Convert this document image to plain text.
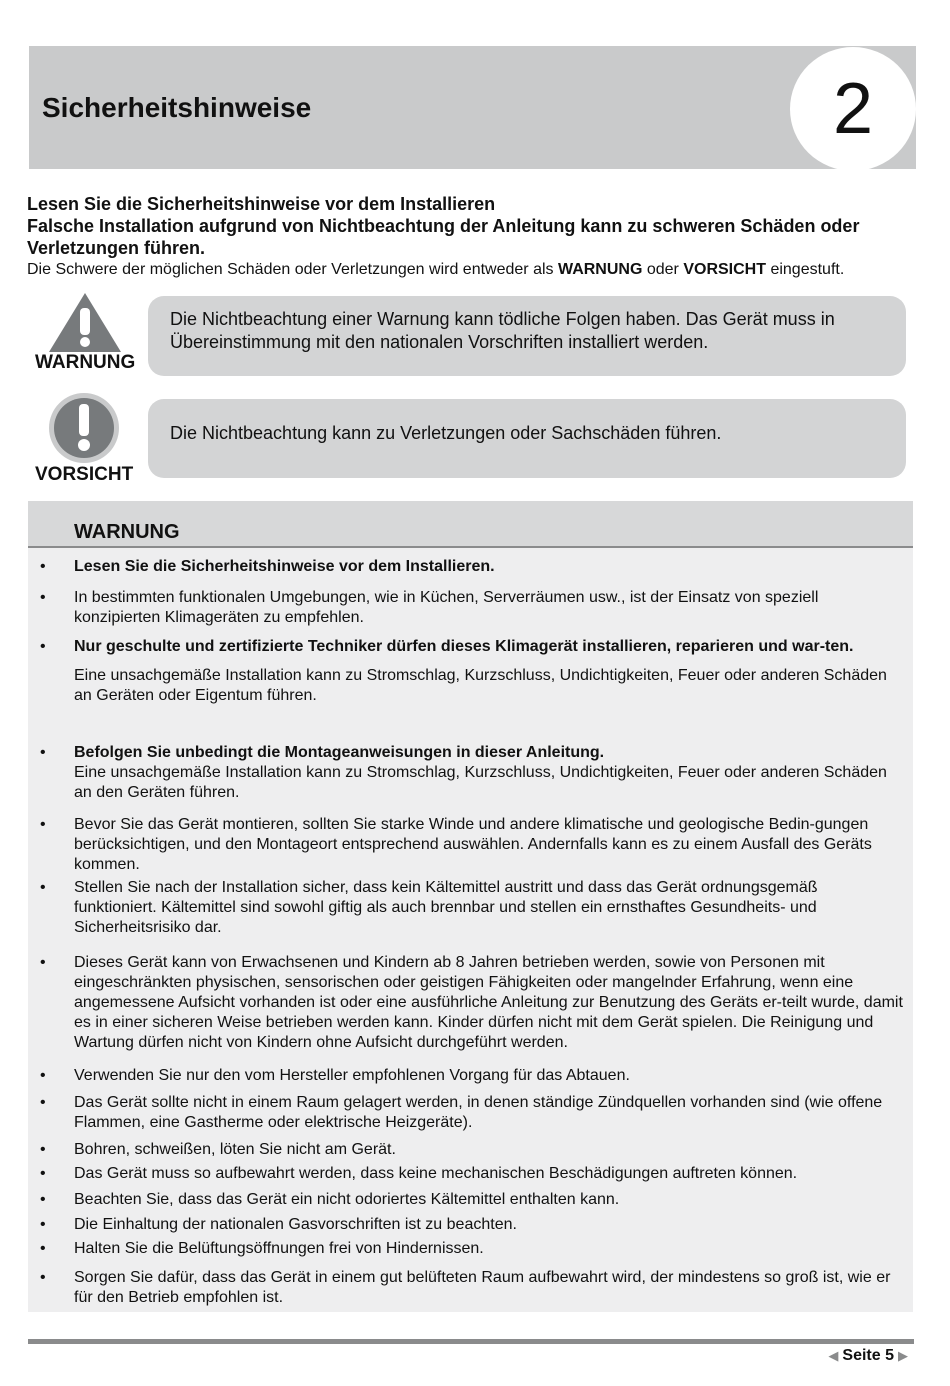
Sicherheitshinweise	2
Lesen Sie die Sicherheitshinweise vor dem Installieren
Falsche Installation aufgrund von Nichtbeachtung der Anleitung kann zu schweren Schäden oder Verletzungen führen.
Die Schwere der möglichen Schäden oder Verletzungen wird entweder als WARNUNG oder VORSICHT eingestuft.
WARNUNG
Die Nichtbeachtung einer Warnung kann tödliche Folgen haben. Das Gerät muss in Übereinstimmung mit den nationalen Vorschriften installiert werden.
VORSICHT
Die Nichtbeachtung kann zu Verletzungen oder Sachschäden führen.
WARNUNG
• Lesen Sie die Sicherheitshinweise vor dem Installieren.
• In bestimmten funktionalen Umgebungen, wie in Küchen, Serverräumen usw., ist der Einsatz von speziell konzipierten Klimageräten zu empfehlen.
• Nur geschulte und zertifizierte Techniker dürfen dieses Klimagerät installieren, reparieren und war-ten.
Eine unsachgemäße Installation kann zu Stromschlag, Kurzschluss, Undichtigkeiten, Feuer oder anderen Schäden an Geräten oder Eigentum führen.
• Befolgen Sie unbedingt die Montageanweisungen in dieser Anleitung.
Eine unsachgemäße Installation kann zu Stromschlag, Kurzschluss, Undichtigkeiten, Feuer oder anderen Schäden an den Geräten führen.
• Bevor Sie das Gerät montieren, sollten Sie starke Winde und andere klimatische und geologische Bedin-gungen berücksichtigen, und den Montageort entsprechend auswählen. Andernfalls kann es zu einem Ausfall des Geräts kommen.
• Stellen Sie nach der Installation sicher, dass kein Kältemittel austritt und dass das Gerät ordnungsgemäß funktioniert. Kältemittel sind sowohl giftig als auch brennbar und stellen ein ernsthaftes Gesundheits- und Sicherheitsrisiko dar.
• Dieses Gerät kann von Erwachsenen und Kindern ab 8 Jahren betrieben werden, sowie von Personen mit eingeschränkten physischen, sensorischen oder geistigen Fähigkeiten oder mangelnder Erfahrung, wenn eine angemessene Aufsicht vorhanden ist oder eine ausführliche Anleitung zur Benutzung des Geräts er-teilt wurde, damit es in einer sicheren Weise betrieben werden kann. Kinder dürfen nicht mit dem Gerät spielen. Die Reinigung und Wartung dürfen nicht von Kindern ohne Aufsicht durchgeführt werden.
• Verwenden Sie nur den vom Hersteller empfohlenen Vorgang für das Abtauen.
• Das Gerät sollte nicht in einem Raum gelagert werden, in denen ständige Zündquellen vorhanden sind (wie offene Flammen, eine Gastherme oder elektrische Heizgeräte).
• Bohren, schweißen, löten Sie nicht am Gerät.
• Das Gerät muss so aufbewahrt werden, dass keine mechanischen Beschädigungen auftreten können.
• Beachten Sie, dass das Gerät ein nicht odoriertes Kältemittel enthalten kann.
• Die Einhaltung der nationalen Gasvorschriften ist zu beachten.
• Halten Sie die Belüftungsöffnungen frei von Hindernissen.
• Sorgen Sie dafür, dass das Gerät in einem gut belüfteten Raum aufbewahrt wird, der mindestens so groß ist, wie er für den Betrieb empfohlen ist.
◀ Seite 5 ▶
